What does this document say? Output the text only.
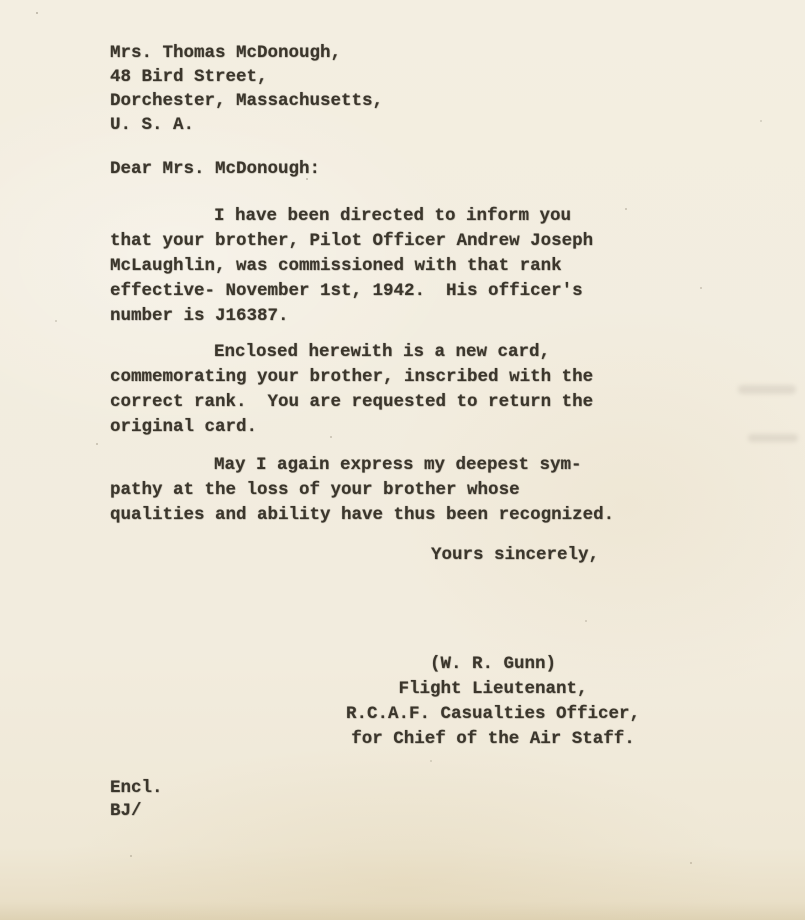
Mrs. Thomas McDonough,
48 Bird Street,
Dorchester, Massachusetts,
U. S. A.
Dear Mrs. McDonough:
I have been directed to inform you
that your brother, Pilot Officer Andrew Joseph
McLaughlin, was commissioned with that rank
effective- November 1st, 1942.  His officer's
number is J16387.
Enclosed herewith is a new card,
commemorating your brother, inscribed with the
correct rank.  You are requested to return the
original card.
May I again express my deepest sym-
pathy at the loss of your brother whose
qualities and ability have thus been recognized.
Yours sincerely,
(W. R. Gunn)
Flight Lieutenant,
R.C.A.F. Casualties Officer,
for Chief of the Air Staff.
Encl.
BJ/
